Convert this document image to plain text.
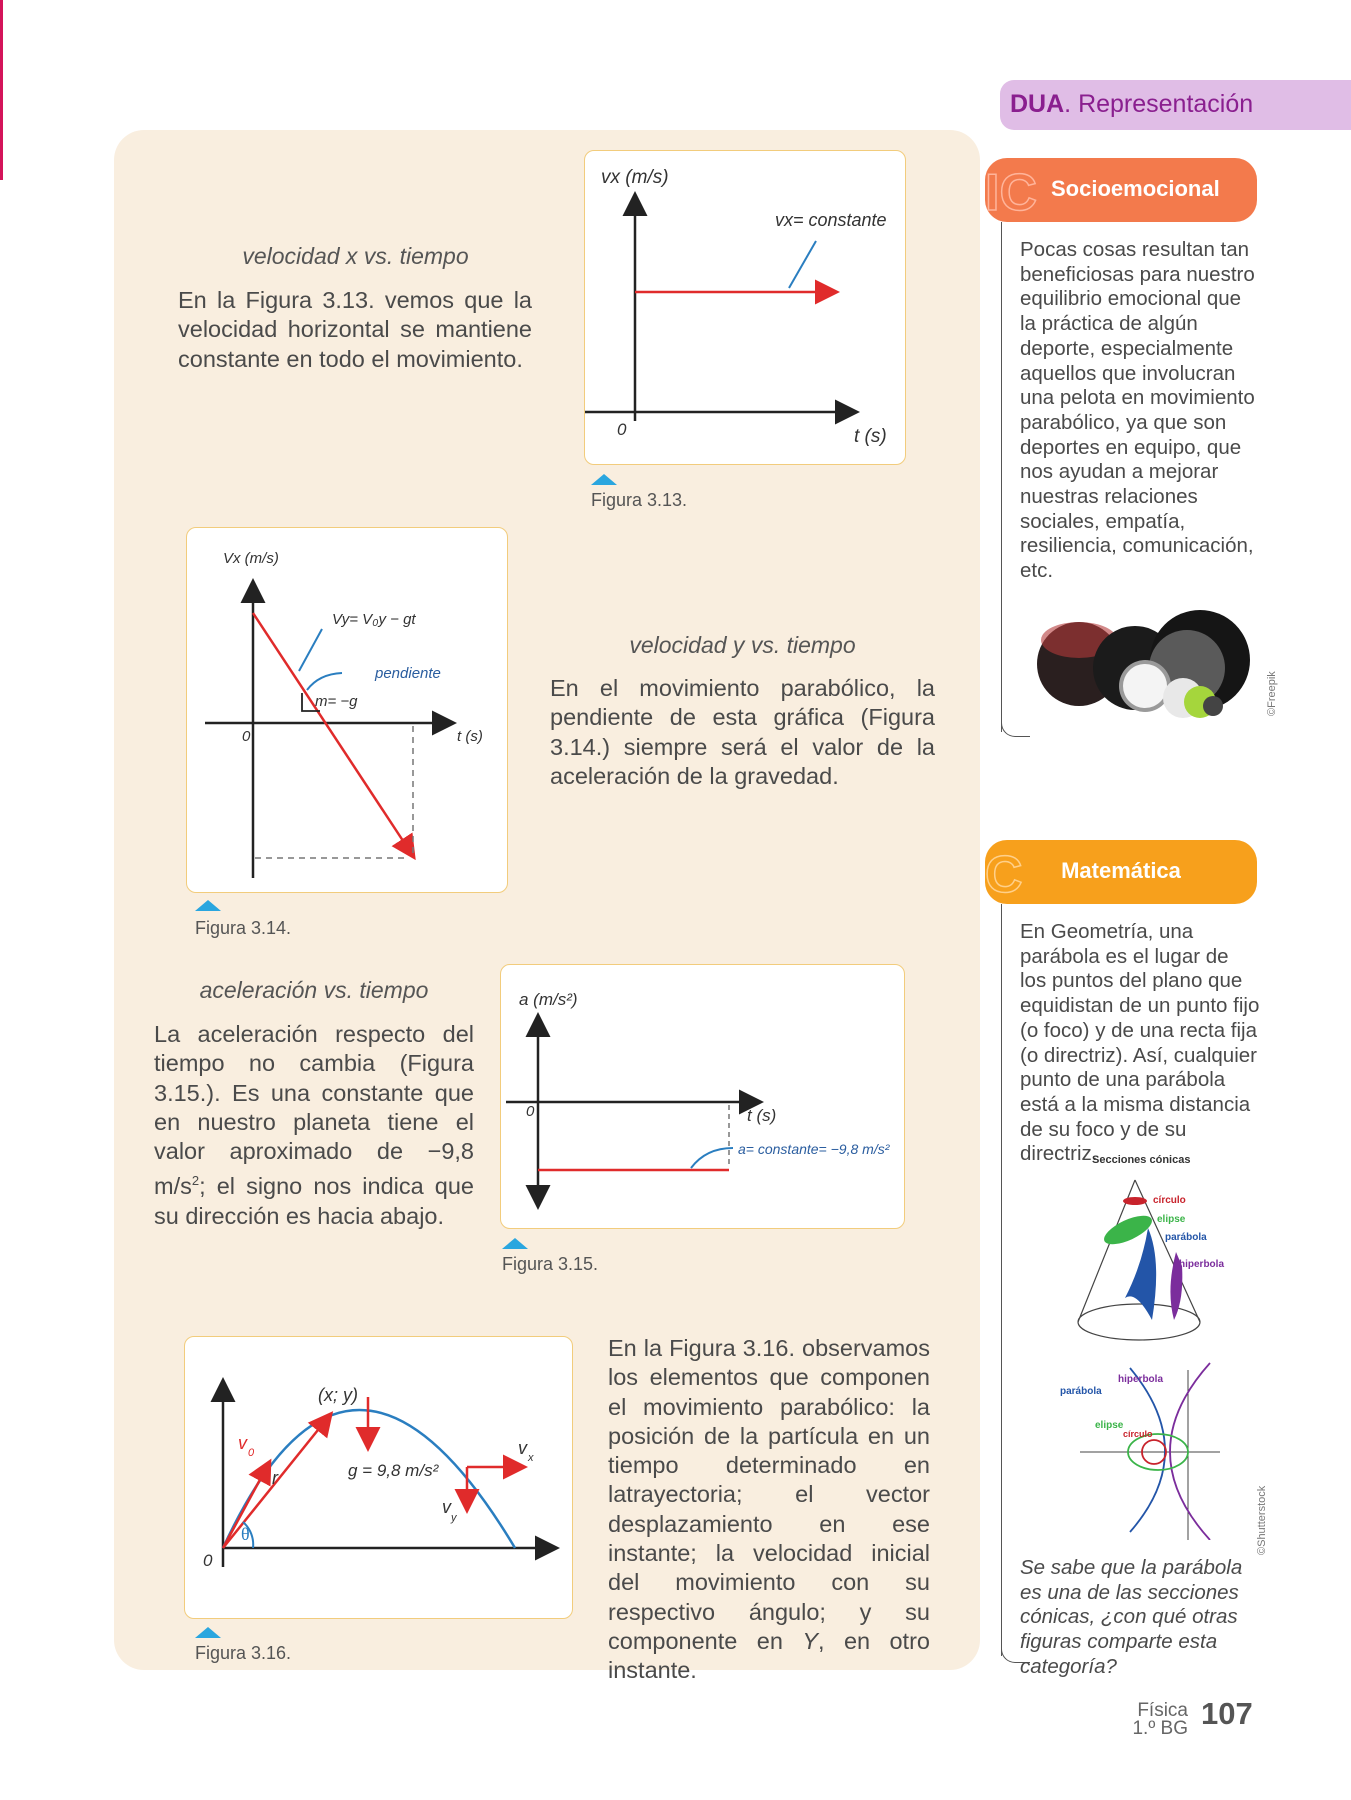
DUA. Representación
velocidad x vs. tiempo
En la Figura 3.13. vemos que la velocidad horizontal se mantiene constante en todo el movimiento.
vx (m/s)
vx= constante
0	t (s)
Figura 3.13.
Vx (m/s)
Vy= V₀y − gt
pendiente
m= −g
0	t (s)
Figura 3.14.
velocidad y vs. tiempo
En el movimiento parabólico, la pendiente de esta gráfica (Figura 3.14.) siempre será el valor de la aceleración de la gravedad.
aceleración vs. tiempo
La aceleración respecto del tiempo no cambia (Figura 3.15.). Es una constante que en nuestro planeta tiene el valor aproximado de −9,8 $m/s^2$; el signo nos indica que su dirección es hacia abajo.
a (m/s²)
0	t (s)
a= constante= −9,8 m/s²
Figura 3.15.
(x; y)
g = 9,8 m/s²
v 0
r
v x
v
y
θ
0
Figura 3.16.
En la Figura 3.16. observamos los elementos que componen el movimiento parabólico: la posición de la partícula en un tiempo determinado en latrayectoria; el vector desplazamiento en ese instante; la velocidad inicial del movimiento con su respectivo ángulo; y su componente en Y, en otro instante.
IC Socioemocional
Pocas cosas resultan tan beneficiosas para nuestro equilibrio emocional que la práctica de algún deporte, especialmente aquellos que involucran una pelota en movimiento parabólico, ya que son deportes en equipo, que nos ayudan a mejorar nuestras relaciones sociales, empatía, resiliencia, comunicación, etc.
©Freepik
C	Matemática
En Geometría, una parábola es el lugar de los puntos del plano que equidistan de un punto fijo (o foco) y de una recta fija (o directriz). Así, cualquier punto de una parábola está a la misma distancia de su foco y de su directriz.
Secciones cónicas
círculo
elipse
parábola
hiperbola
hiperbola
parábola
elipse
círculo
©Shutterstock
Se sabe que la parábola es una de las secciones cónicas, ¿con qué otras figuras comparte esta categoría?
Física
1.º BG 107
